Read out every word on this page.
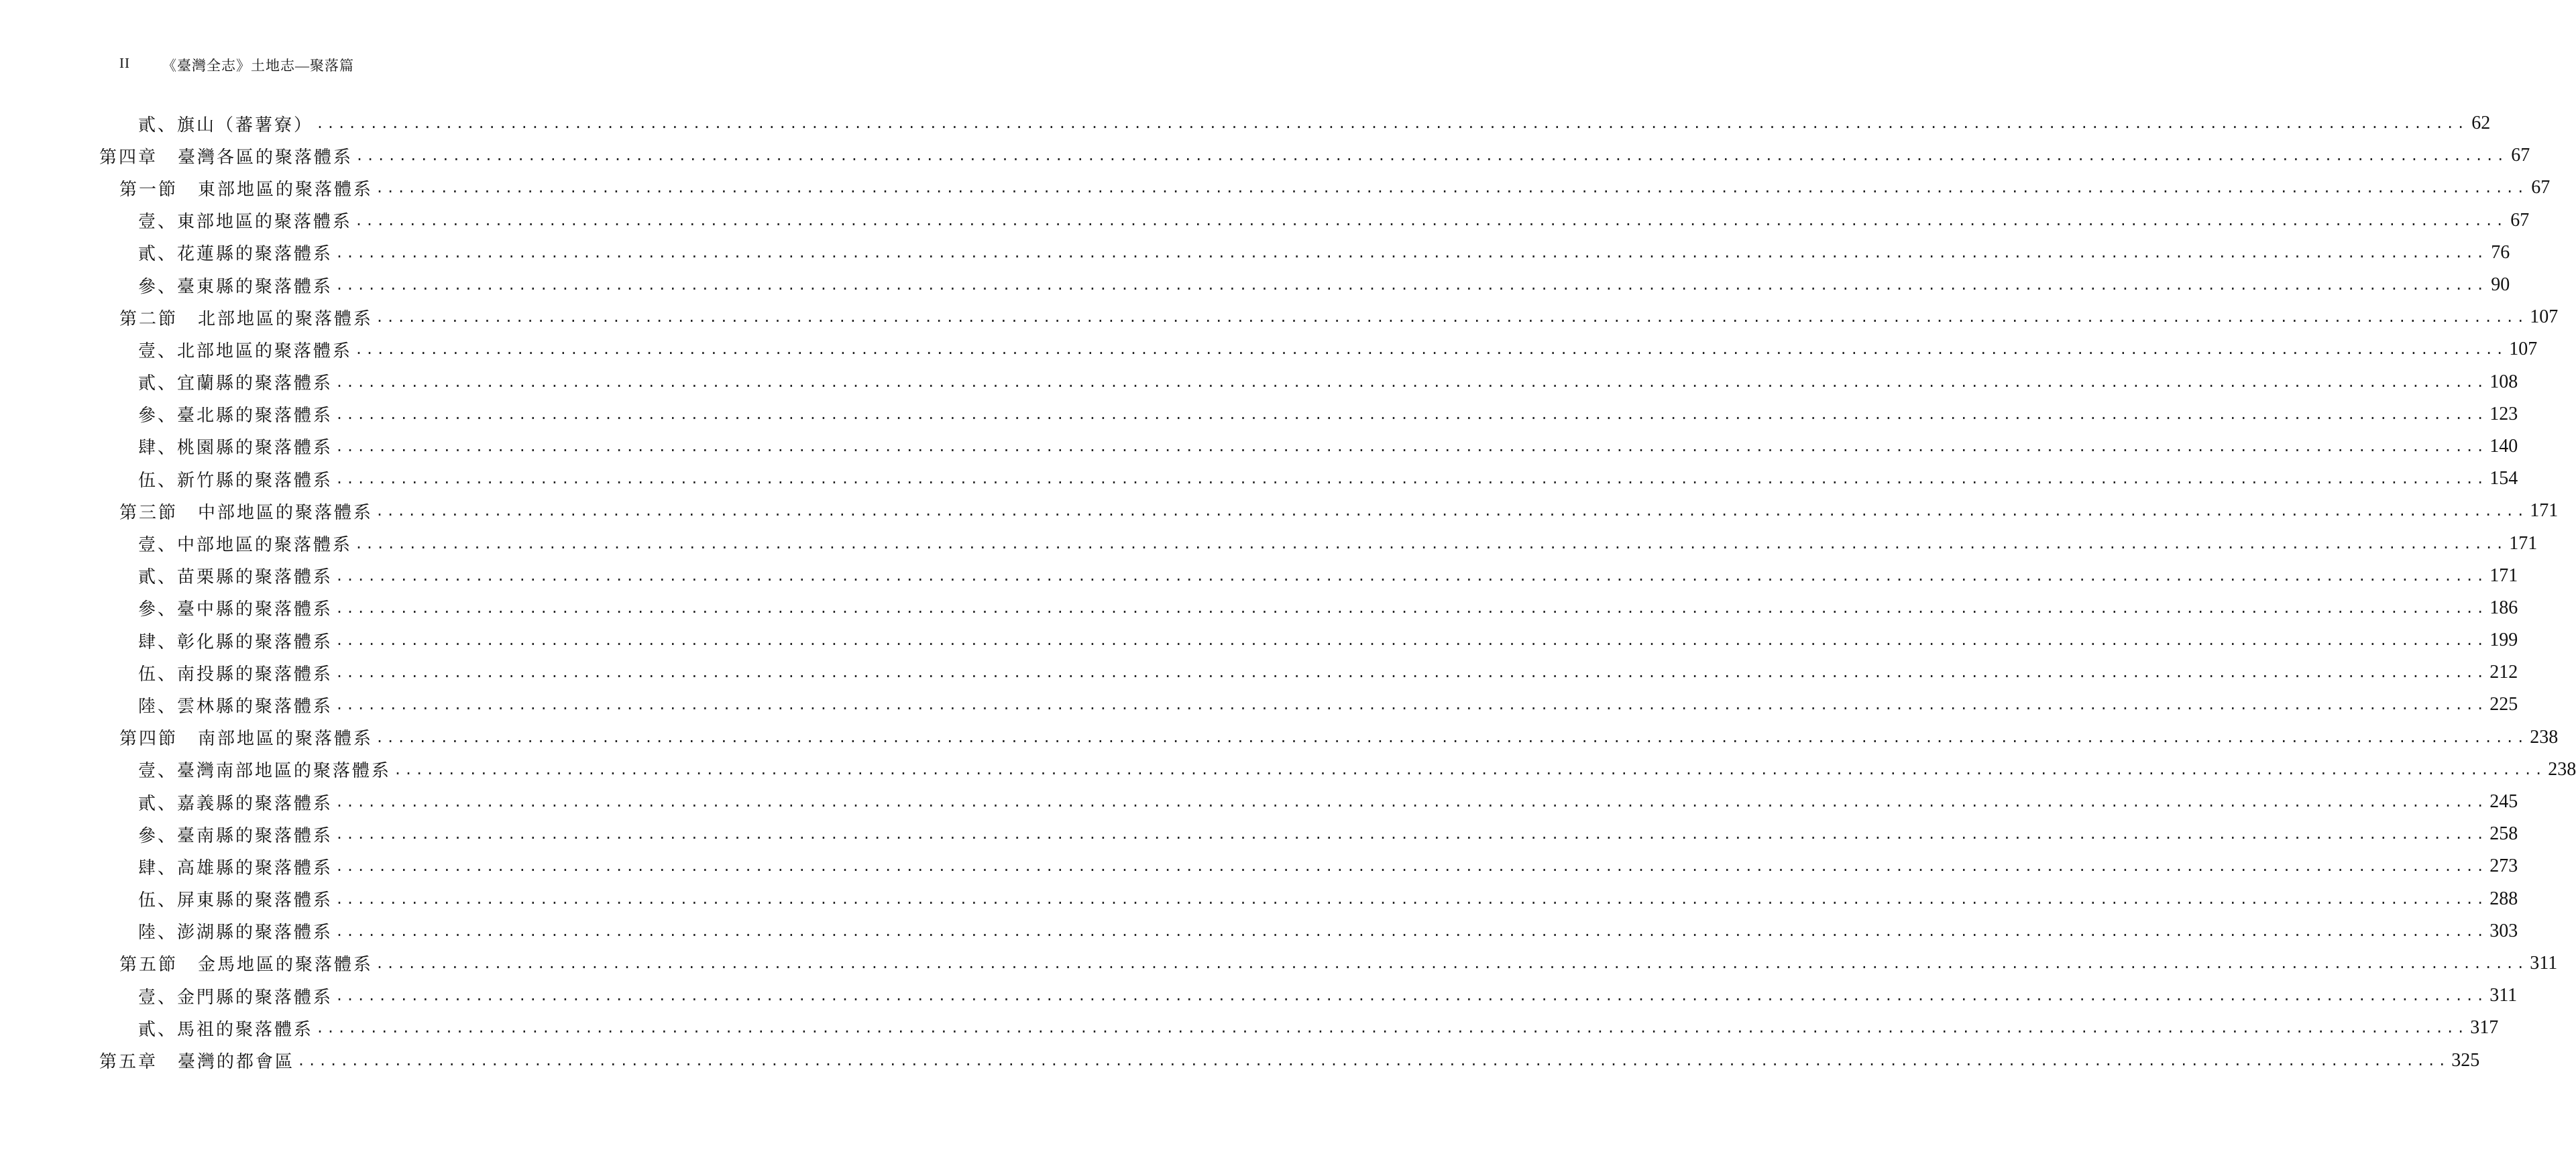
II 《臺灣全志》土地志—聚落篇
貳、旗山（蕃薯寮） ........................................................................................................................................................................................................ 62
第四章 臺灣各區的聚落體系 ........................................................................................................................................................................................................ 67
第一節 東部地區的聚落體系 ........................................................................................................................................................................................................ 67
壹、東部地區的聚落體系 ........................................................................................................................................................................................................ 67
貳、花蓮縣的聚落體系 ........................................................................................................................................................................................................ 76
參、臺東縣的聚落體系 ........................................................................................................................................................................................................ 90
第二節 北部地區的聚落體系 ........................................................................................................................................................................................................ 107
壹、北部地區的聚落體系 ........................................................................................................................................................................................................ 107
貳、宜蘭縣的聚落體系 ........................................................................................................................................................................................................ 108
參、臺北縣的聚落體系 ........................................................................................................................................................................................................ 123
肆、桃園縣的聚落體系 ........................................................................................................................................................................................................ 140
伍、新竹縣的聚落體系 ........................................................................................................................................................................................................ 154
第三節 中部地區的聚落體系 ........................................................................................................................................................................................................ 171
壹、中部地區的聚落體系 ........................................................................................................................................................................................................ 171
貳、苗栗縣的聚落體系 ........................................................................................................................................................................................................ 171
參、臺中縣的聚落體系 ........................................................................................................................................................................................................ 186
肆、彰化縣的聚落體系 ........................................................................................................................................................................................................ 199
伍、南投縣的聚落體系 ........................................................................................................................................................................................................ 212
陸、雲林縣的聚落體系 ........................................................................................................................................................................................................ 225
第四節 南部地區的聚落體系 ........................................................................................................................................................................................................ 238
壹、臺灣南部地區的聚落體系 ........................................................................................................................................................................................................ 238
貳、嘉義縣的聚落體系 ........................................................................................................................................................................................................ 245
參、臺南縣的聚落體系 ........................................................................................................................................................................................................ 258
肆、高雄縣的聚落體系 ........................................................................................................................................................................................................ 273
伍、屏東縣的聚落體系 ........................................................................................................................................................................................................ 288
陸、澎湖縣的聚落體系 ........................................................................................................................................................................................................ 303
第五節 金馬地區的聚落體系 ........................................................................................................................................................................................................ 311
壹、金門縣的聚落體系 ........................................................................................................................................................................................................ 311
貳、馬祖的聚落體系 ........................................................................................................................................................................................................ 317
第五章 臺灣的都會區 ........................................................................................................................................................................................................ 325
